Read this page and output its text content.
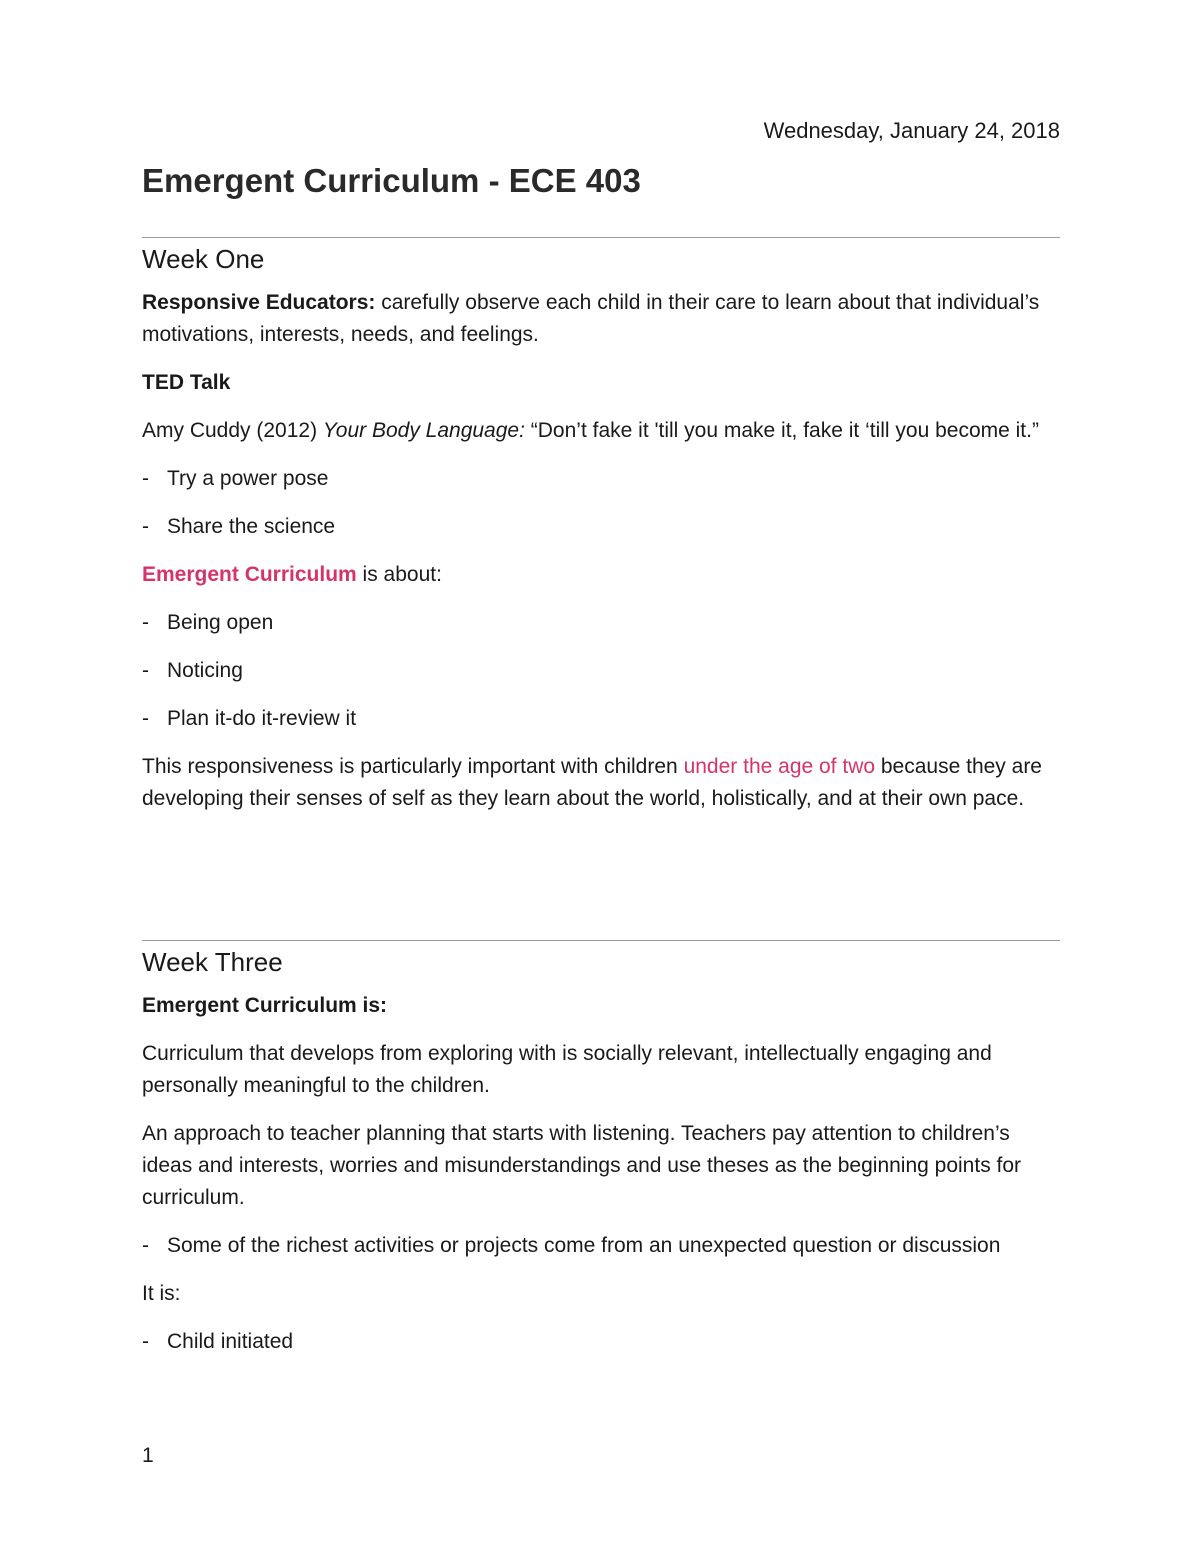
Wednesday, January 24, 2018
Emergent Curriculum - ECE 403
Week One

Responsive Educators: carefully observe each child in their care to learn about that individual’s motivations, interests, needs, and feelings.

TED Talk

Amy Cuddy (2012) Your Body Language: “Don’t fake it 'till you make it, fake it ‘till you become it.”

- Try a power pose
- Share the science

Emergent Curriculum is about:

- Being open
- Noticing
- Plan it-do it-review it

This responsiveness is particularly important with children under the age of two because they are developing their senses of self as they learn about the world, holistically, and at their own pace.

Week Three

Emergent Curriculum is:

Curriculum that develops from exploring with is socially relevant, intellectually engaging and personally meaningful to the children.

An approach to teacher planning that starts with listening. Teachers pay attention to children’s ideas and interests, worries and misunderstandings and use theses as the beginning points for curriculum.

- Some of the richest activities or projects come from an unexpected question or discussion

It is:

- Child initiated
1
